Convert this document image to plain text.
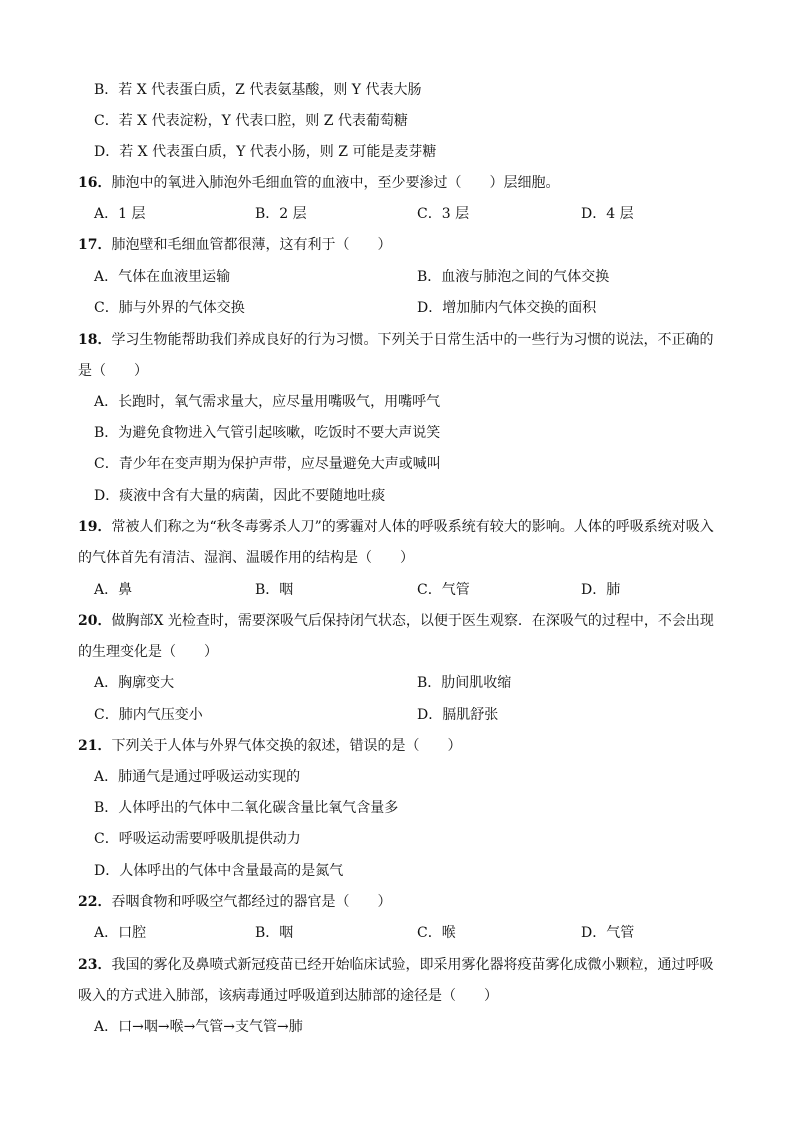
B．若 X 代表蛋白质，Z 代表氨基酸，则 Y 代表大肠
C．若 X 代表淀粉，Y 代表口腔，则 Z 代表葡萄糖
D．若 X 代表蛋白质，Y 代表小肠，则 Z 可能是麦芽糖
16．肺泡中的氧进入肺泡外毛细血管的血液中，至少要渗过（　　）层细胞。
A．1 层	B．2 层	C．3 层	D．4 层
17．肺泡壁和毛细血管都很薄，这有利于（　　）
A．气体在血液里运输	B．血液与肺泡之间的气体交换
C．肺与外界的气体交换	D．增加肺内气体交换的面积
18．学习生物能帮助我们养成良好的行为习惯。下列关于日常生活中的一些行为习惯的说法，不正确的
是（　　）
A．长跑时，氧气需求量大，应尽量用嘴吸气，用嘴呼气
B．为避免食物进入气管引起咳嗽，吃饭时不要大声说笑
C．青少年在变声期为保护声带，应尽量避免大声或喊叫
D．痰液中含有大量的病菌，因此不要随地吐痰
19．常被人们称之为“秋冬毒雾杀人刀”的雾霾对人体的呼吸系统有较大的影响。人体的呼吸系统对吸入
的气体首先有清洁、湿润、温暖作用的结构是（　　）
A．鼻	B．咽	C．气管	D．肺
20．做胸部X 光检查时，需要深吸气后保持闭气状态，以便于医生观察．在深吸气的过程中，不会出现
的生理变化是（　　）
A．胸廓变大	B．肋间肌收缩
C．肺内气压变小	D．膈肌舒张
21．下列关于人体与外界气体交换的叙述，错误的是（　　）
A．肺通气是通过呼吸运动实现的
B．人体呼出的气体中二氧化碳含量比氧气含量多
C．呼吸运动需要呼吸肌提供动力
D．人体呼出的气体中含量最高的是氮气
22．吞咽食物和呼吸空气都经过的器官是（　　）
A．口腔	B．咽	C．喉	D．气管
23．我国的雾化及鼻喷式新冠疫苗已经开始临床试验，即采用雾化器将疫苗雾化成微小颗粒，通过呼吸
吸入的方式进入肺部，该病毒通过呼吸道到达肺部的途径是（　　）
A．口→咽→喉→气管→支气管→肺
